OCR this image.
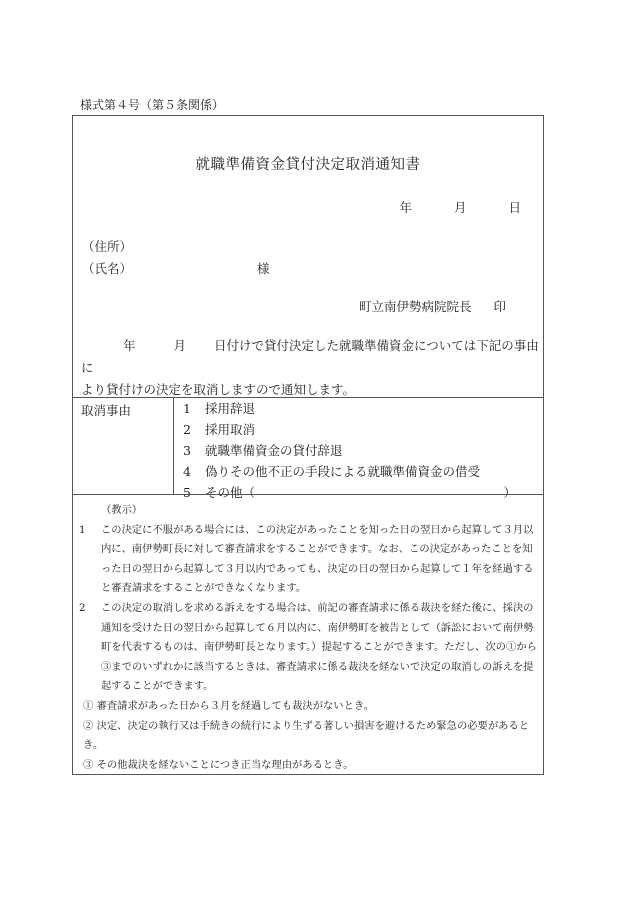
様式第４号（第５条関係）
就職準備資金貸付決定取消通知書
年	月	日
（住所）
（氏名）	様
町立南伊勢病院院長 印
年	月 日付けで貸付決定した就職準備資金については下記の事由に
より貸付けの決定を取消しますので通知します。
取消事由	1 採用辞退
2 採用取消
3 就職準備資金の貸付辞退
4 偽りその他不正の手段による就職準備資金の借受
5 その他（	）
（教示）
1	この決定に不服がある場合には、この決定があったことを知った日の翌日から起算して３月以内に、南伊勢町長に対して審査請求をすることができます。なお、この決定があったことを知った日の翌日から起算して３月以内であっても、決定の日の翌日から起算して１年を経過すると審査請求をすることができなくなります。
2	この決定の取消しを求める訴えをする場合は、前記の審査請求に係る裁決を経た後に、採決の通知を受けた日の翌日から起算して６月以内に、南伊勢町を被告として（訴訟において南伊勢町を代表するものは、南伊勢町長となります。）提起することができます。ただし、次の①から③までのいずれかに該当するときは、審査請求に係る裁決を経ないで決定の取消しの訴えを提起することができます。
① 審査請求があった日から３月を経過しても裁決がないとき。
② 決定、決定の執行又は手続きの続行により生ずる著しい損害を避けるため緊急の必要があるとき。
③ その他裁決を経ないことにつき正当な理由があるとき。
